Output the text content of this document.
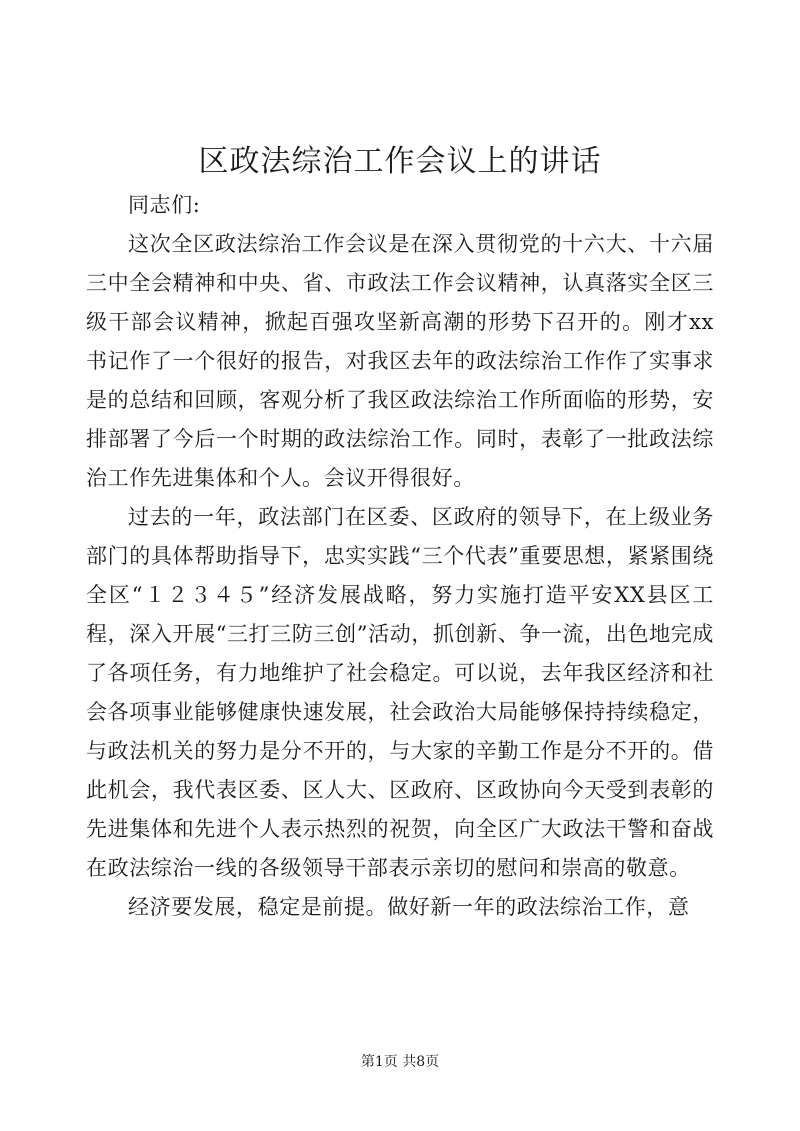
区政法综治工作会议上的讲话

同志们:

这次全区政法综治工作会议是在深入贯彻党的十六大、十六届三中全会精神和中央、省、市政法工作会议精神，认真落实全区三级干部会议精神，掀起百强攻坚新高潮的形势下召开的。刚才xx书记作了一个很好的报告，对我区去年的政法综治工作作了实事求是的总结和回顾，客观分析了我区政法综治工作所面临的形势，安排部署了今后一个时期的政法综治工作。同时，表彰了一批政法综治工作先进集体和个人。会议开得很好。

过去的一年，政法部门在区委、区政府的领导下，在上级业务部门的具体帮助指导下，忠实实践“三个代表”重要思想，紧紧围绕全区“１２３４５”经济发展战略，努力实施打造平安XX县区工程，深入开展“三打三防三创”活动，抓创新、争一流，出色地完成了各项任务，有力地维护了社会稳定。可以说，去年我区经济和社会各项事业能够健康快速发展，社会政治大局能够保持持续稳定，与政法机关的努力是分不开的，与大家的辛勤工作是分不开的。借此机会，我代表区委、区人大、区政府、区政协向今天受到表彰的先进集体和先进个人表示热烈的祝贺，向全区广大政法干警和奋战在政法综治一线的各级领导干部表示亲切的慰问和崇高的敬意。

经济要发展，稳定是前提。做好新一年的政法综治工作，意

第1页 共8页
